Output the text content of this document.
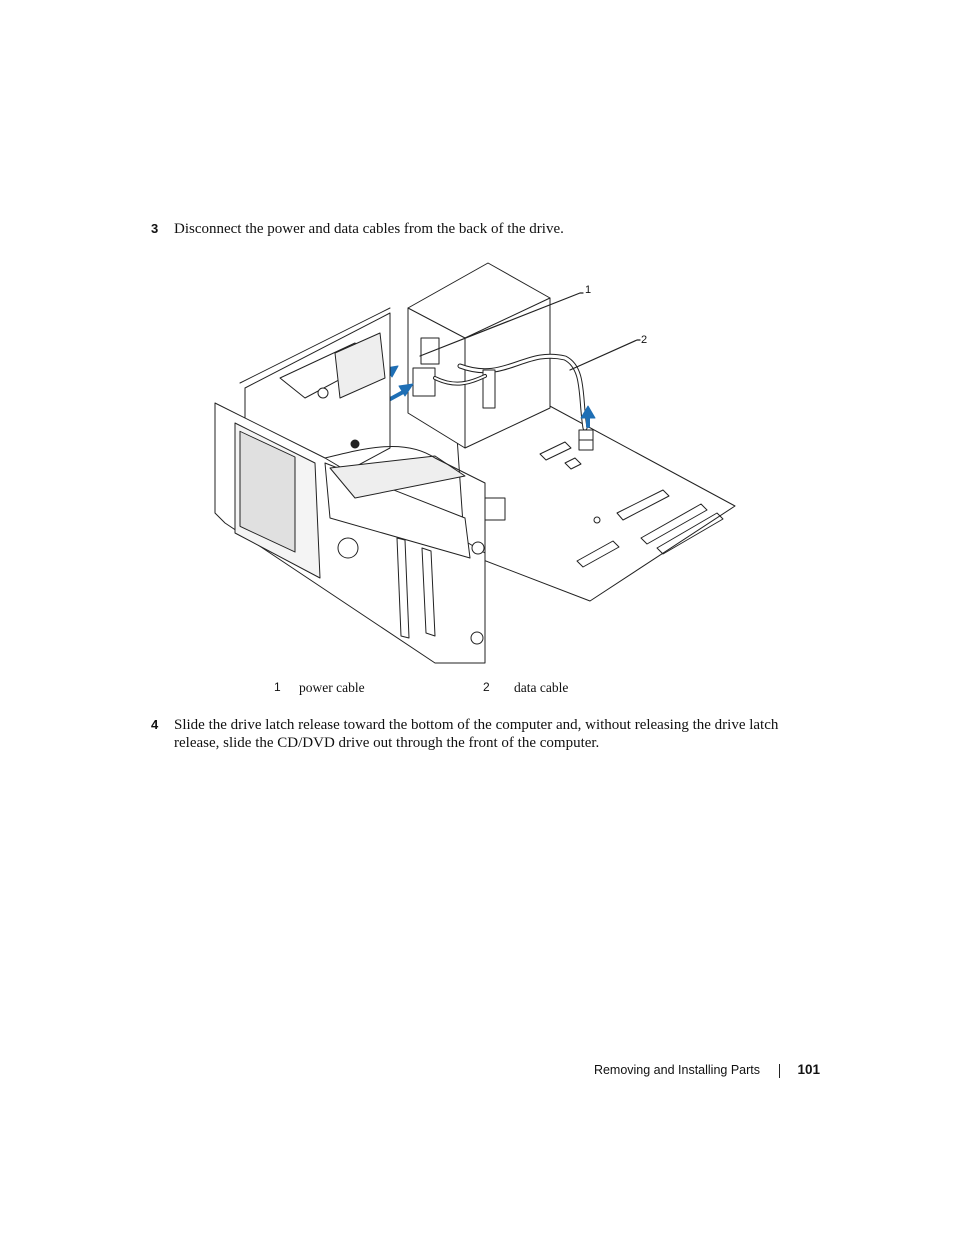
3 Disconnect the power and data cables from the back of the drive.
1
2
1 power cable	2 data cable
4 Slide the drive latch release toward the bottom of the computer and, without releasing the drive latch release, slide the CD/DVD drive out through the front of the computer.
Removing and Installing Parts	101
